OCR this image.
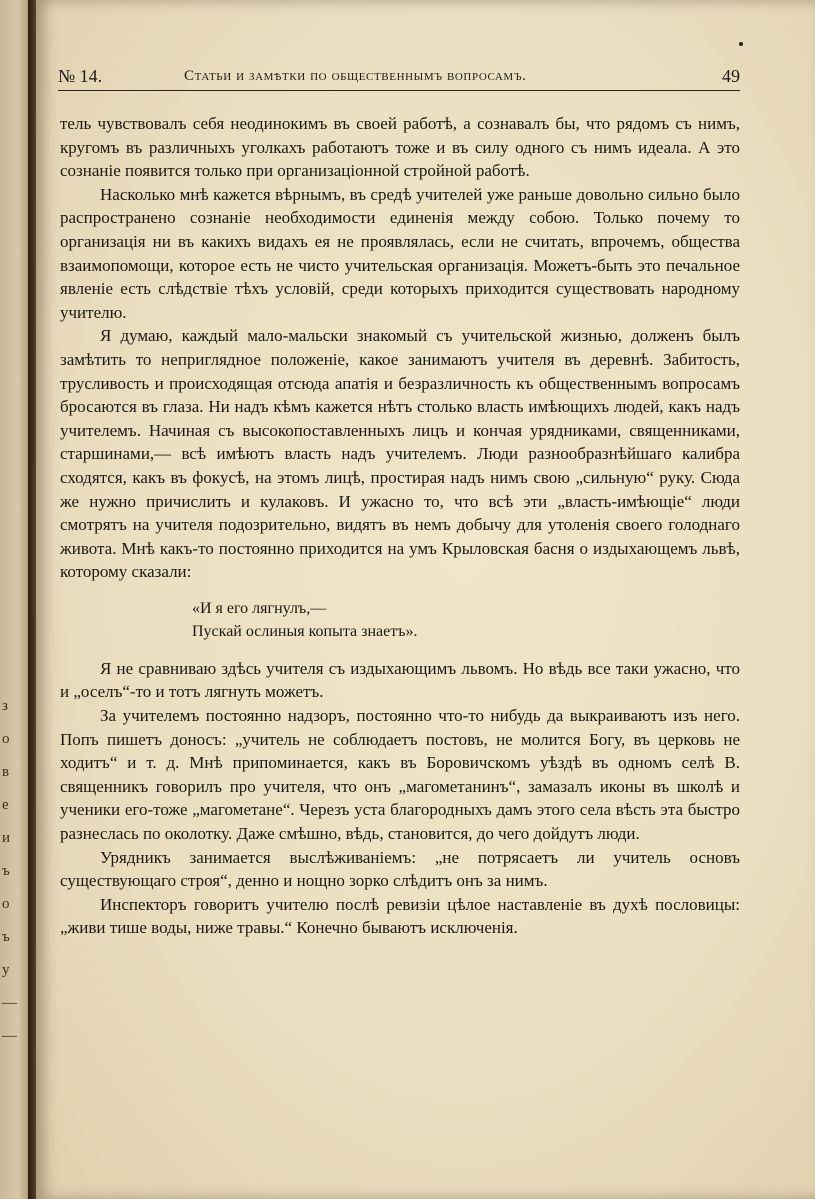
з
о
в
е
и
ъ
о
ъ
у
—
—
№ 14.	Статьи и замѣтки по общественнымъ вопросамъ.	49

тель чувствовалъ себя неодинокимъ въ своей работѣ, а сознавалъ бы, что рядомъ съ нимъ, кругомъ въ различныхъ уголкахъ работаютъ тоже и въ силу одного съ нимъ идеала. А это сознаніе появится только при организаціонной стройной работѣ.

Насколько мнѣ кажется вѣрнымъ, въ средѣ учителей уже раньше довольно сильно было распространено сознаніе необходимости единенія между собою. Только почему то организація ни въ какихъ видахъ ея не проявлялась, если не считать, впрочемъ, общества взаимопомощи, которое есть не чисто учительская организація. Можетъ-быть это печальное явленіе есть слѣдствіе тѣхъ условій, среди которыхъ приходится существовать народному учителю.

Я думаю, каждый мало-мальски знакомый съ учительской жизнью, долженъ былъ замѣтить то неприглядное положеніе, какое занимаютъ учителя въ деревнѣ. Забитость, трусливость и происходящая отсюда апатія и безразличность къ общественнымъ вопросамъ бросаются въ глаза. Ни надъ кѣмъ кажется нѣтъ столько власть имѣющихъ людей, какъ надъ учителемъ. Начиная съ высокопоставленныхъ лицъ и кончая урядниками, священниками, старшинами,— всѣ имѣютъ власть надъ учителемъ. Люди разнообразнѣйшаго калибра сходятся, какъ въ фокусѣ, на этомъ лицѣ, простирая надъ нимъ свою „сильную“ руку. Сюда же нужно причислить и кулаковъ. И ужасно то, что всѣ эти „власть-имѣющіе“ люди смотрятъ на учителя подозрительно, видятъ въ немъ добычу для утоленія своего голоднаго живота. Мнѣ какъ-то постоянно приходится на умъ Крыловская басня о издыхающемъ львѣ, которому сказали:

«И я его лягнулъ,—
Пускай ослиныя копыта знаетъ».

Я не сравниваю здѣсь учителя съ издыхающимъ львомъ. Но вѣдь все таки ужасно, что и „оселъ“-то и тотъ лягнуть можетъ.

За учителемъ постоянно надзоръ, постоянно что-то нибудь да выкраиваютъ изъ него. Попъ пишетъ доносъ: „учитель не соблюдаетъ постовъ, не молится Богу, въ церковь не ходитъ“ и т. д. Мнѣ припоминается, какъ въ Боровичскомъ уѣздѣ въ одномъ селѣ В. священникъ говорилъ про учителя, что онъ „магометанинъ“, замазалъ иконы въ школѣ и ученики его-тоже „магометане“. Черезъ уста благородныхъ дамъ этого села вѣсть эта быстро разнеслась по околотку. Даже смѣшно, вѣдь, становится, до чего дойдутъ люди.

Урядникъ занимается выслѣживаніемъ: „не потрясаетъ ли учитель основъ существующаго строя“, денно и нощно зорко слѣдитъ онъ за нимъ.

Инспекторъ говоритъ учителю послѣ ревизіи цѣлое наставленіе въ духѣ пословицы: „живи тише воды, ниже травы.“ Конечно бываютъ исключенія.
